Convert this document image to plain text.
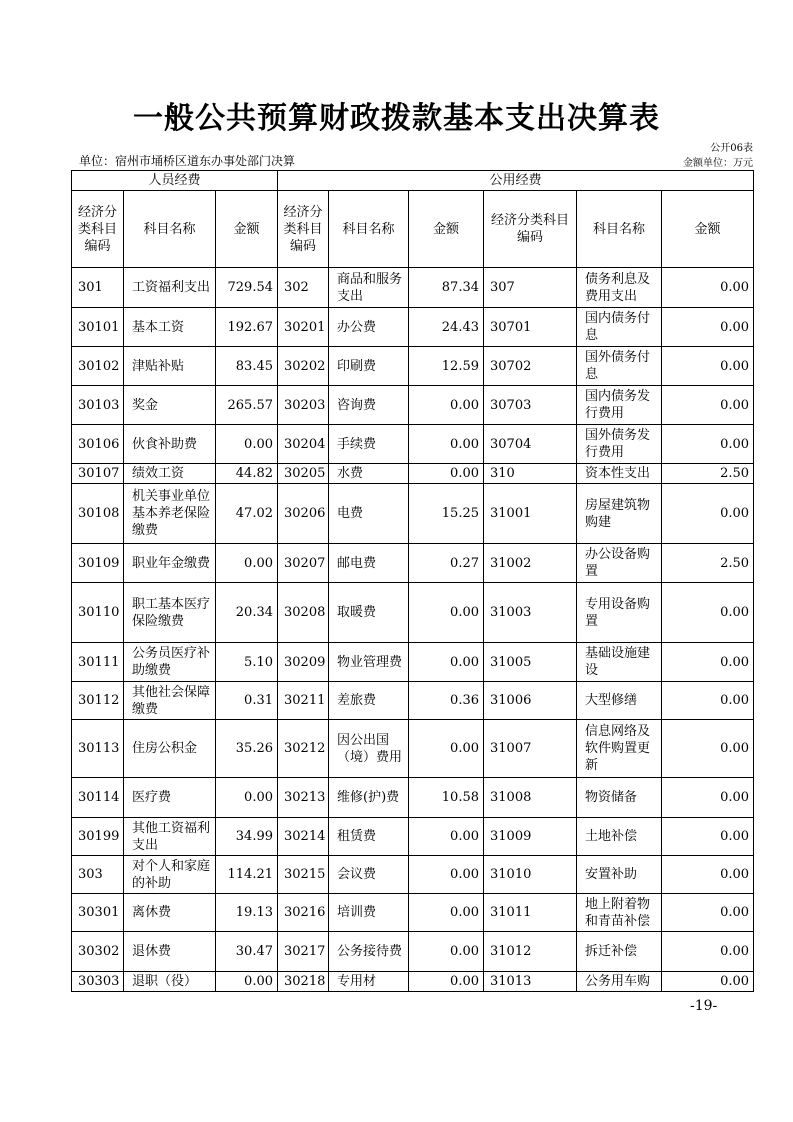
一般公共预算财政拨款基本支出决算表
公开06表
单位：宿州市埇桥区道东办事处部门决算	金额单位：万元
人员经费			公用经费					
经济分类科目编码	科目名称	金额	经济分类科目编码	科目名称	金额	经济分类科目编码	科目名称	金额
301	工资福利支出	729.54	302	商品和服务支出	87.34	307	债务利息及费用支出	0.00
30101	基本工资	192.67	30201	办公费	24.43	30701	国内债务付息	0.00
30102	津贴补贴	83.45	30202	印刷费	12.59	30702	国外债务付息	0.00
30103	奖金	265.57	30203	咨询费	0.00	30703	国内债务发行费用	0.00
30106	伙食补助费	0.00	30204	手续费	0.00	30704	国外债务发行费用	0.00
30107	绩效工资	44.82	30205	水费	0.00	310	资本性支出	2.50
30108	机关事业单位基本养老保险缴费	47.02	30206	电费	15.25	31001	房屋建筑物购建	0.00
30109	职业年金缴费	0.00	30207	邮电费	0.27	31002	办公设备购置	2.50
30110	职工基本医疗保险缴费	20.34	30208	取暖费	0.00	31003	专用设备购置	0.00
30111	公务员医疗补助缴费	5.10	30209	物业管理费	0.00	31005	基础设施建设	0.00
30112	其他社会保障缴费	0.31	30211	差旅费	0.36	31006	大型修缮	0.00
30113	住房公积金	35.26	30212	因公出国（境）费用	0.00	31007	信息网络及软件购置更新	0.00
30114	医疗费	0.00	30213	维修(护)费	10.58	31008	物资储备	0.00
30199	其他工资福利支出	34.99	30214	租赁费	0.00	31009	土地补偿	0.00
303	对个人和家庭的补助	114.21	30215	会议费	0.00	31010	安置补助	0.00
30301	离休费	19.13	30216	培训费	0.00	31011	地上附着物和青苗补偿	0.00
30302	退休费	30.47	30217	公务接待费	0.00	31012	拆迁补偿	0.00
30303	退职（役）	0.00	30218	专用材	0.00	31013	公务用车购	0.00
-19-
